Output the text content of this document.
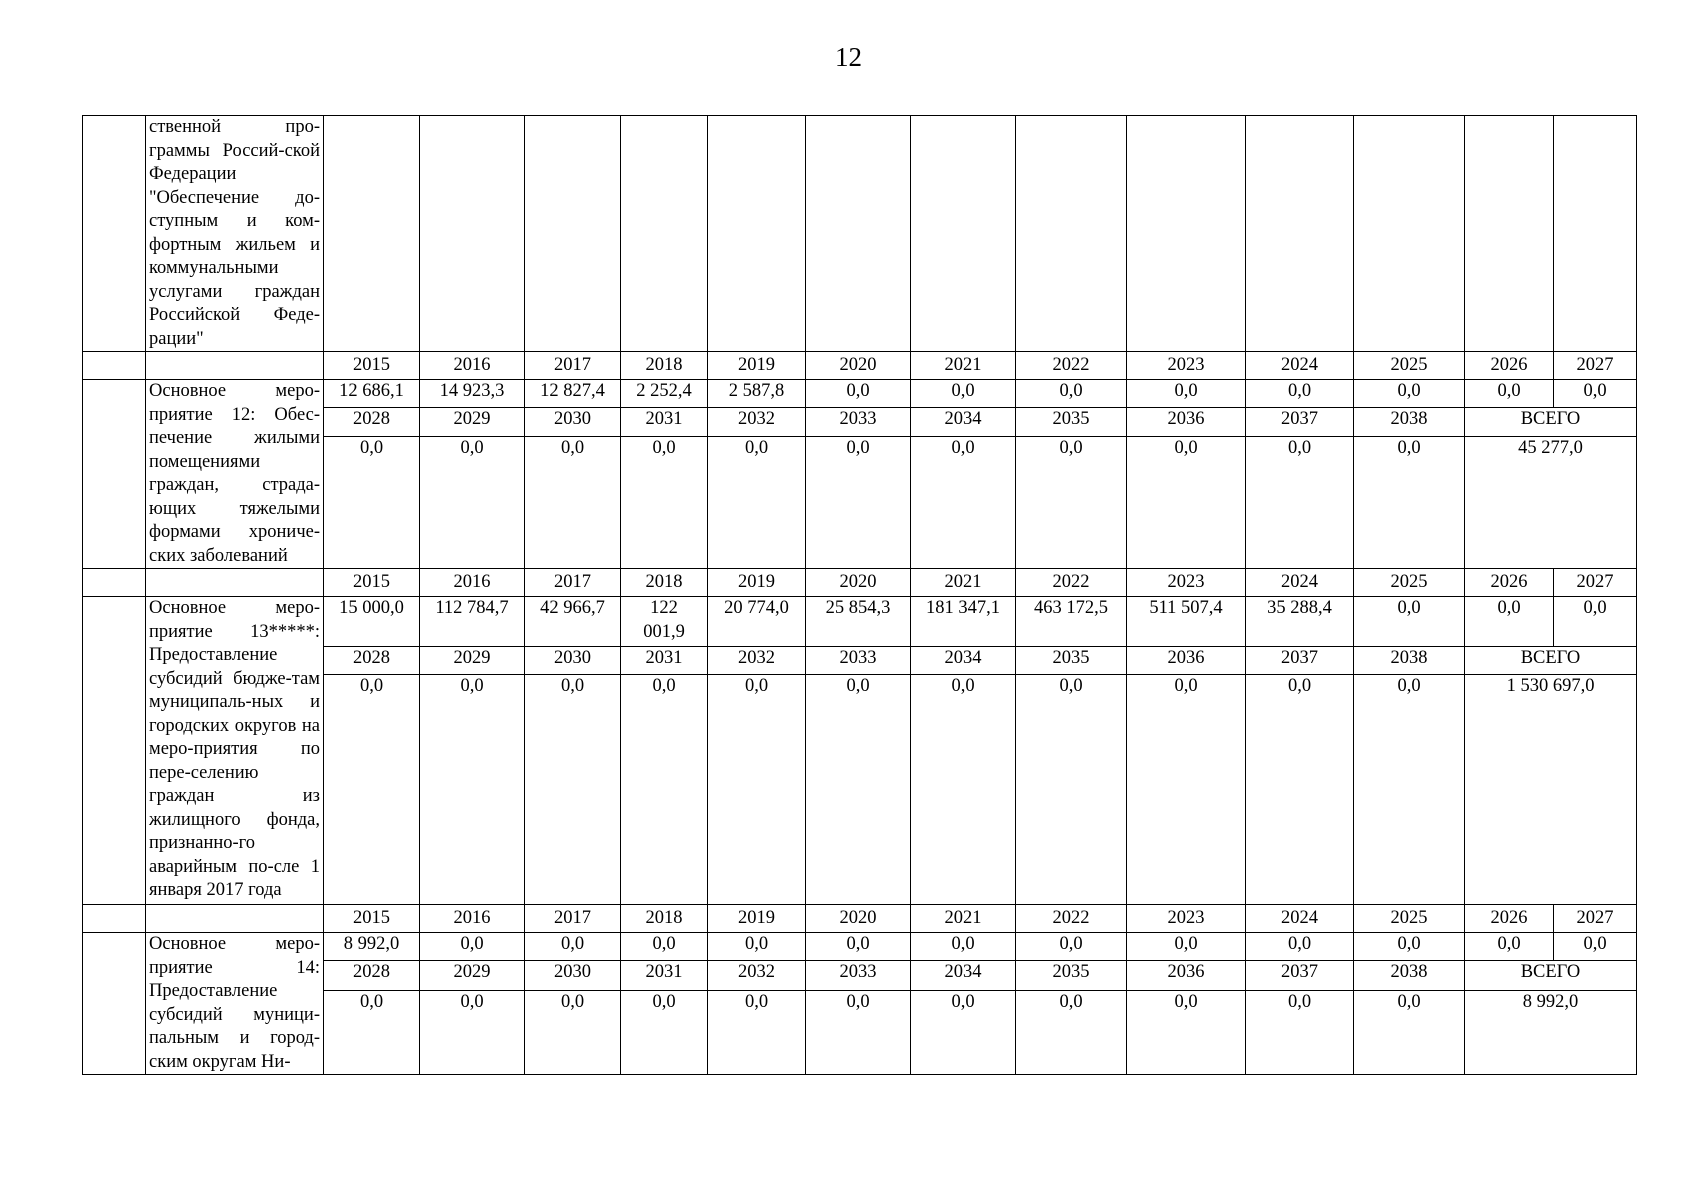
12
	ственной про-граммы Россий-ской Федерации "Обеспечение до-ступным и ком-фортным жильем и коммунальными услугами граждан Российской Феде-рации"													
		2015	2016	2017	2018	2019	2020	2021	2022	2023	2024	2025	2026	2027
	Основное меро-приятие 12: Обес-печение жилыми помещениями граждан, страда-ющих тяжелыми формами хрониче-ских заболеваний	12 686,1	14 923,3	12 827,4	2 252,4	2 587,8	0,0	0,0	0,0	0,0	0,0	0,0	0,0	0,0
		2028	2029	2030	2031	2032	2033	2034	2035	2036	2037	2038	ВСЕГО	
		0,0	0,0	0,0	0,0	0,0	0,0	0,0	0,0	0,0	0,0	0,0	45 277,0	
		2015	2016	2017	2018	2019	2020	2021	2022	2023	2024	2025	2026	2027
	Основное меро-приятие 13*****: Предоставление субсидий бюдже-там муниципаль-ных и городских округов на меро-приятия по пере-селению граждан из жилищного фонда, признанно-го аварийным по-сле 1 января 2017 года	15 000,0	112 784,7	42 966,7	122 001,9	20 774,0	25 854,3	181 347,1	463 172,5	511 507,4	35 288,4	0,0	0,0	0,0
		2028	2029	2030	2031	2032	2033	2034	2035	2036	2037	2038	ВСЕГО	
		0,0	0,0	0,0	0,0	0,0	0,0	0,0	0,0	0,0	0,0	0,0	1 530 697,0	
		2015	2016	2017	2018	2019	2020	2021	2022	2023	2024	2025	2026	2027
	Основное меро-приятие 14: Предоставление субсидий муници-пальным и город-ским округам Ни-	8 992,0	0,0	0,0	0,0	0,0	0,0	0,0	0,0	0,0	0,0	0,0	0,0	0,0
		2028	2029	2030	2031	2032	2033	2034	2035	2036	2037	2038	ВСЕГО	
		0,0	0,0	0,0	0,0	0,0	0,0	0,0	0,0	0,0	0,0	0,0	8 992,0	
